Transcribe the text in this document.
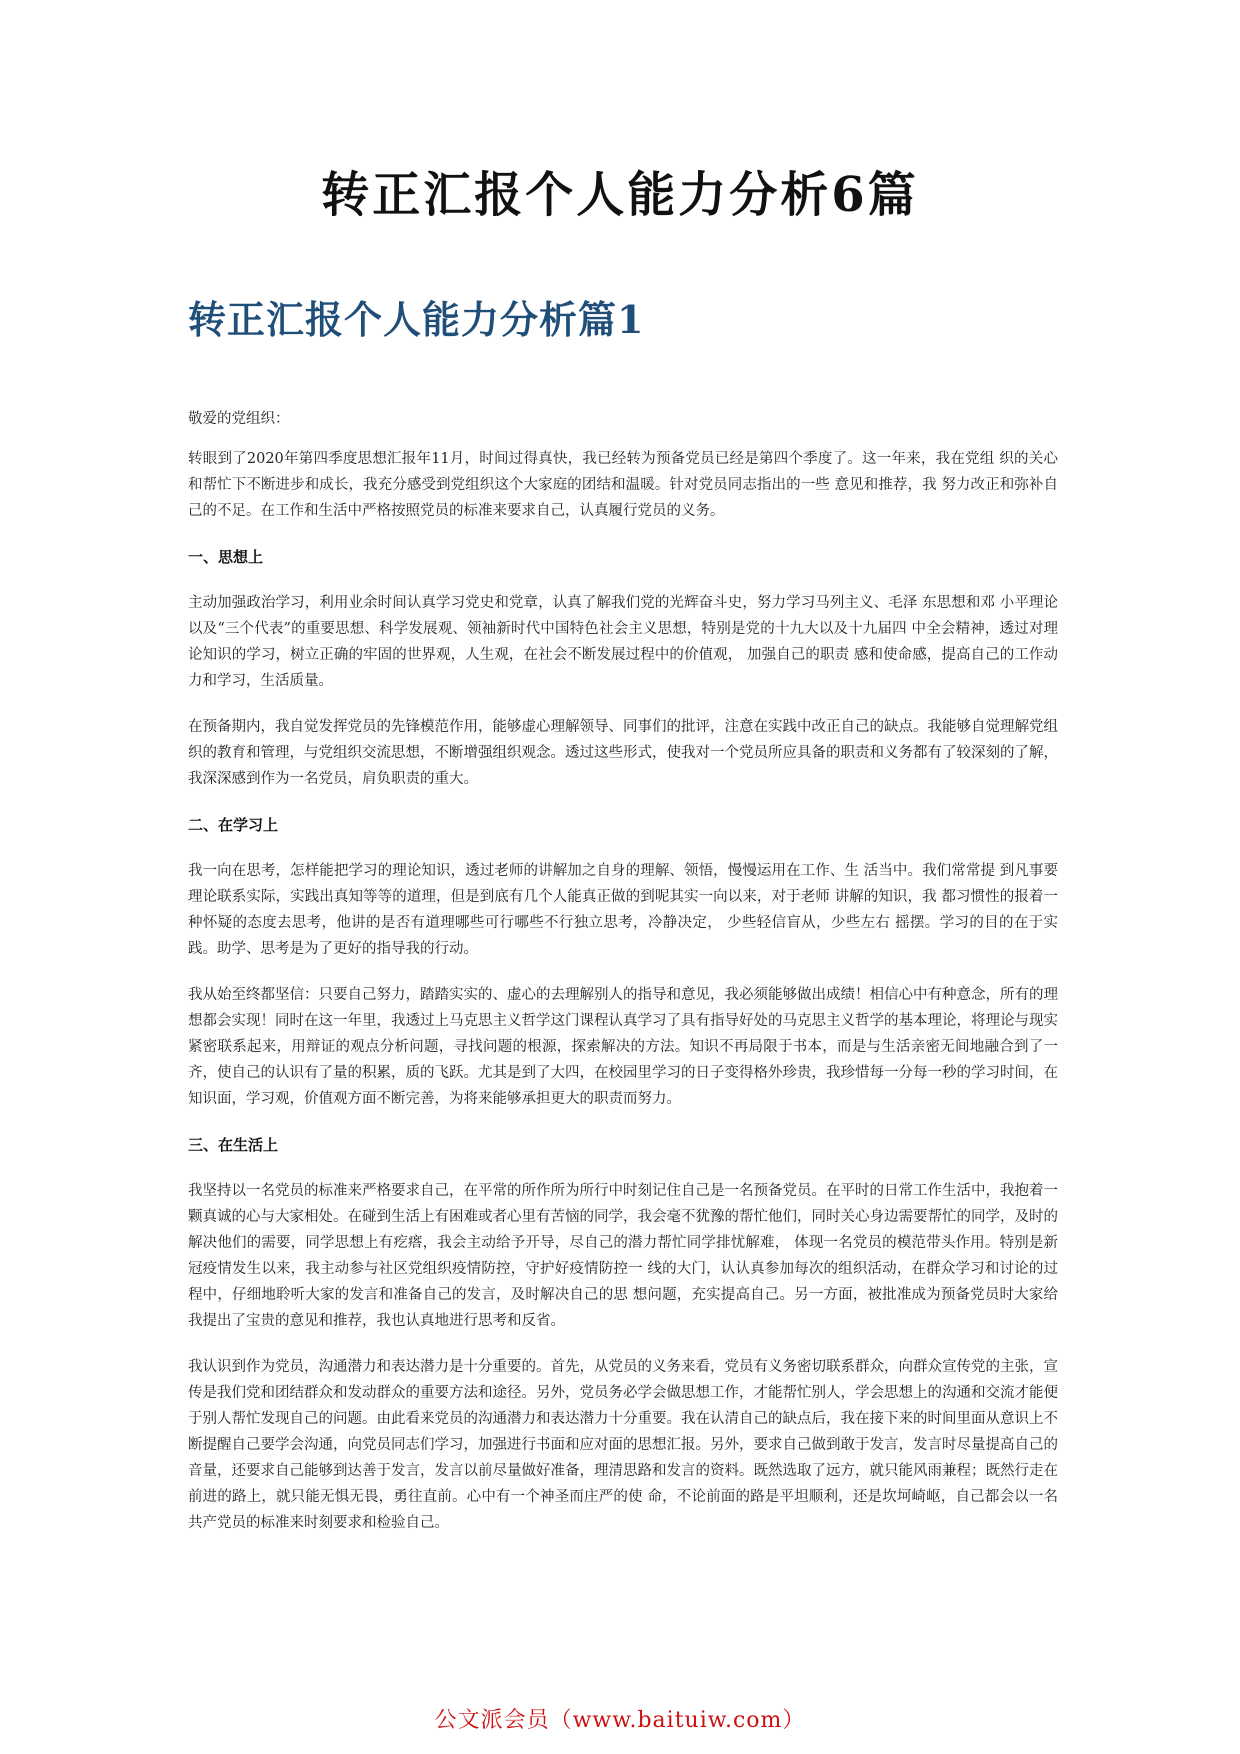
转正汇报个人能力分析6篇
转正汇报个人能力分析篇1

敬爱的党组织：

转眼到了2020年第四季度思想汇报年11月，时间过得真快，我已经转为预备党员已经是第四个季度了。这一年来，我在党组 织的关心和帮忙下不断进步和成长，我充分感受到党组织这个大家庭的团结和温暖。针对党员同志指出的一些 意见和推荐，我 努力改正和弥补自己的不足。在工作和生活中严格按照党员的标准来要求自己，认真履行党员的义务。

一、思想上

主动加强政治学习，利用业余时间认真学习党史和党章，认真了解我们党的光辉奋斗史，努力学习马列主义、毛泽 东思想和邓 小平理论以及“三个代表”的重要思想、科学发展观、领袖新时代中国特色社会主义思想，特别是党的十九大以及十九届四 中全会精神，透过对理论知识的学习，树立正确的牢固的世界观，人生观，在社会不断发展过程中的价值观， 加强自己的职责 感和使命感，提高自己的工作动力和学习，生活质量。

在预备期内，我自觉发挥党员的先锋模范作用，能够虚心理解领导、同事们的批评，注意在实践中改正自己的缺点。我能够自觉理解党组织的教育和管理，与党组织交流思想，不断增强组织观念。透过这些形式，使我对一个党员所应具备的职责和义务都有了较深刻的了解，我深深感到作为一名党员，肩负职责的重大。

二、在学习上

我一向在思考，怎样能把学习的理论知识，透过老师的讲解加之自身的理解、领悟，慢慢运用在工作、生 活当中。我们常常提 到凡事要理论联系实际，实践出真知等等的道理，但是到底有几个人能真正做的到呢其实一向以来，对于老师 讲解的知识，我 都习惯性的报着一种怀疑的态度去思考，他讲的是否有道理哪些可行哪些不行独立思考，冷静决定， 少些轻信盲从，少些左右 摇摆。学习的目的在于实践。助学、思考是为了更好的指导我的行动。

我从始至终都坚信：只要自己努力，踏踏实实的、虚心的去理解别人的指导和意见，我必须能够做出成绩！相信心中有种意念，所有的理想都会实现！同时在这一年里，我透过上马克思主义哲学这门课程认真学习了具有指导好处的马克思主义哲学的基本理论，将理论与现实紧密联系起来，用辩证的观点分析问题，寻找问题的根源，探索解决的方法。知识不再局限于书本，而是与生活亲密无间地融合到了一齐，使自己的认识有了量的积累，质的飞跃。尤其是到了大四，在校园里学习的日子变得格外珍贵，我珍惜每一分每一秒的学习时间，在知识面，学习观，价值观方面不断完善，为将来能够承担更大的职责而努力。

三、在生活上

我坚持以一名党员的标准来严格要求自己，在平常的所作所为所行中时刻记住自己是一名预备党员。在平时的日常工作生活中，我抱着一颗真诚的心与大家相处。在碰到生活上有困难或者心里有苦恼的同学，我会毫不犹豫的帮忙他们，同时关心身边需要帮忙的同学，及时的解决他们的需要，同学思想上有疙瘩，我会主动给予开导，尽自己的潜力帮忙同学排忧解难， 体现一名党员的模范带头作用。特别是新冠疫情发生以来，我主动参与社区党组织疫情防控，守护好疫情防控一 线的大门，认认真参加每次的组织活动，在群众学习和讨论的过程中，仔细地聆听大家的发言和准备自己的发言，及时解决自己的思 想问题，充实提高自己。另一方面，被批准成为预备党员时大家给我提出了宝贵的意见和推荐，我也认真地进行思考和反省。

我认识到作为党员，沟通潜力和表达潜力是十分重要的。首先，从党员的义务来看，党员有义务密切联系群众，向群众宣传党的主张，宣传是我们党和团结群众和发动群众的重要方法和途径。另外，党员务必学会做思想工作，才能帮忙别人，学会思想上的沟通和交流才能便于别人帮忙发现自己的问题。由此看来党员的沟通潜力和表达潜力十分重要。我在认清自己的缺点后，我在接下来的时间里面从意识上不断提醒自己要学会沟通，向党员同志们学习，加强进行书面和应对面的思想汇报。另外，要求自己做到敢于发言，发言时尽量提高自己的音量，还要求自己能够到达善于发言，发言以前尽量做好准备，理清思路和发言的资料。既然选取了远方，就只能风雨兼程；既然行走在前进的路上，就只能无惧无畏，勇往直前。心中有一个神圣而庄严的使 命，不论前面的路是平坦顺利，还是坎坷崎岖，自己都会以一名共产党员的标准来时刻要求和检验自己。

公文派会员（www.baituiw.com）
